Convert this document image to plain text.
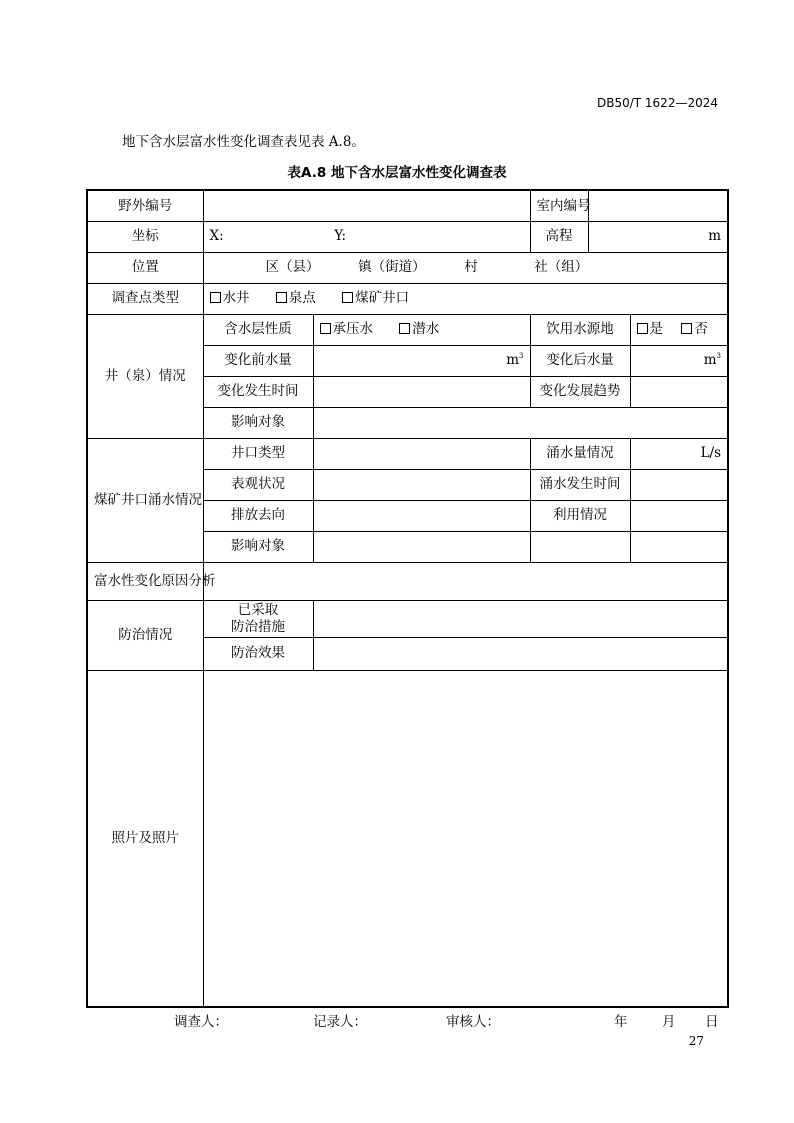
DB50/T 1622—2024
地下含水层富水性变化调查表见表 A.8。
表A.8 地下含水层富水性变化调查表
野外编号			室内编号		
坐标	X: Y:		高程	m	
位置	区（县） 镇（街道） 村 社（组）				
调查点类型	水井 泉点 煤矿井口				
井（泉）情况	含水层性质	承压水 潜水	饮用水源地		是 否
	变化前水量	$m^3$	变化后水量		$m^3$
	变化发生时间		变化发展趋势		
	影响对象				
煤矿井口涌水情况	井口类型		涌水量情况		L/s
	表观状况		涌水发生时间		
	排放去向		利用情况		
	影响对象				
富水性变化原因分析					
防治情况	已采取
防治措施				

	防治效果				
照片及照片					
调查人：	记录人：	审核人：	年	月 日
27
